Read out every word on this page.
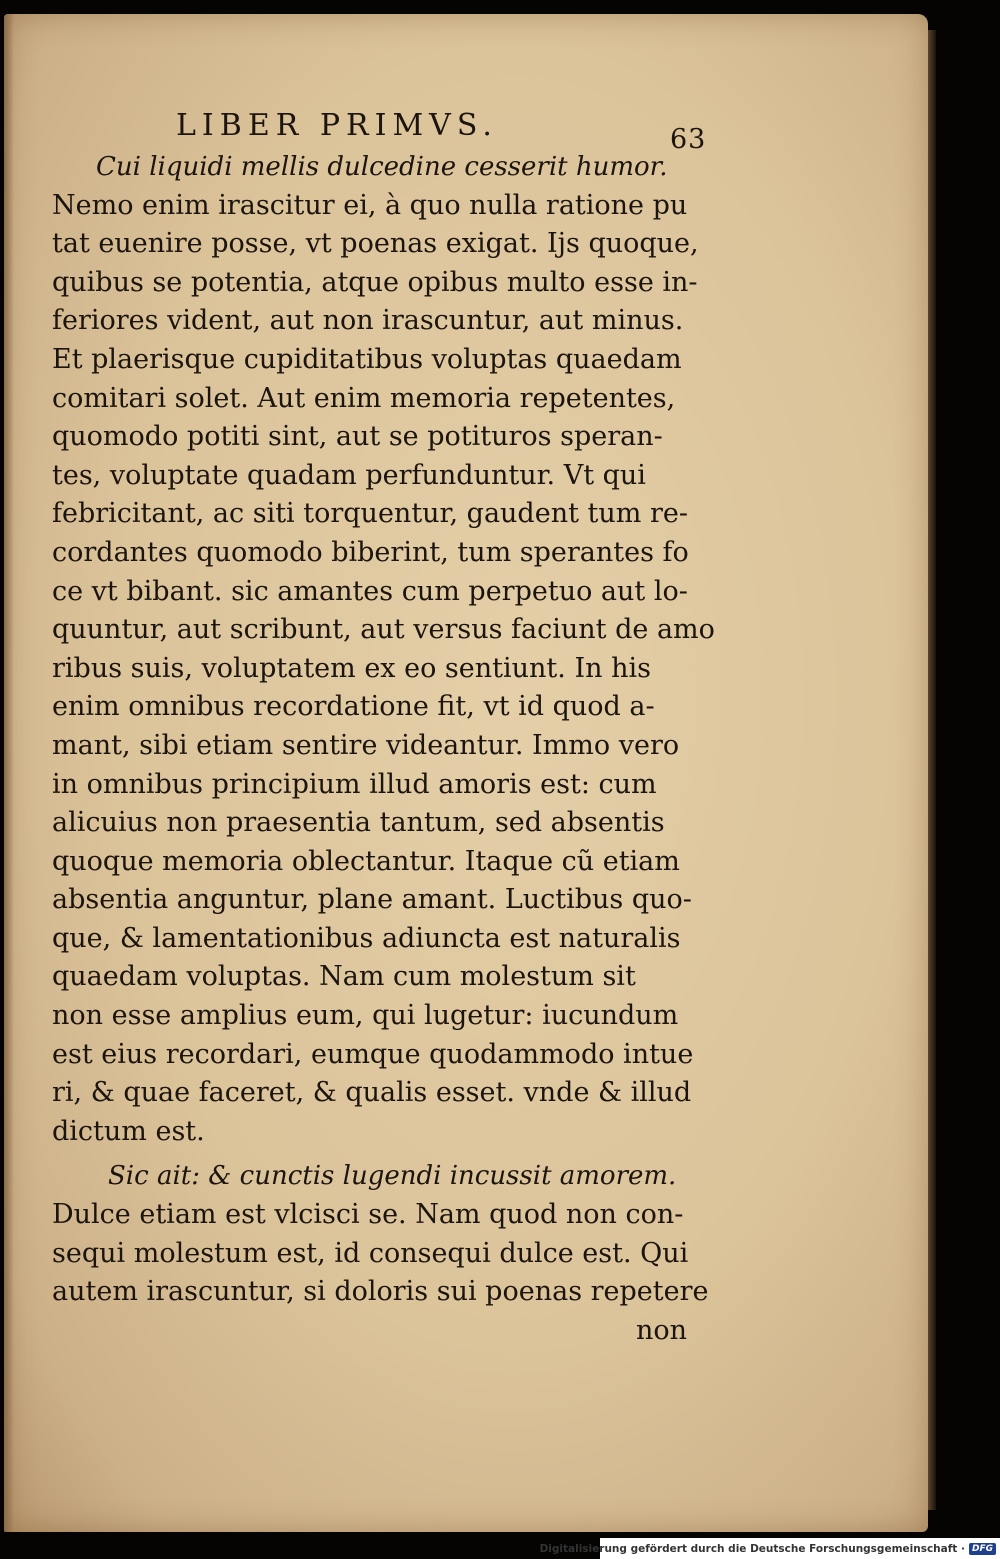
LIBER PRIMVS.	63
Cui liquidi mellis dulcedine cesserit humor.
Nemo enim irascitur ei, à quo nulla ratione pu
tat euenire posse, vt poenas exigat. Ijs quoque,
quibus se potentia, atque opibus multo esse in-
feriores vident, aut non irascuntur, aut minus.
Et plaerisque cupiditatibus voluptas quaedam
comitari solet. Aut enim memoria repetentes,
quomodo potiti sint, aut se potituros speran-
tes, voluptate quadam perfunduntur. Vt qui
febricitant, ac siti torquentur, gaudent tum re-
cordantes quomodo biberint, tum sperantes fo
ce vt bibant. sic amantes cum perpetuo aut lo-
quuntur, aut scribunt, aut versus faciunt de amo
ribus suis, voluptatem ex eo sentiunt. In his
enim omnibus recordatione fit, vt id quod a-
mant, sibi etiam sentire videantur. Immo vero
in omnibus principium illud amoris est: cum
alicuius non praesentia tantum, sed absentis
quoque memoria oblectantur. Itaque cũ etiam
absentia anguntur, plane amant. Luctibus quo-
que, & lamentationibus adiuncta est naturalis
quaedam voluptas. Nam cum molestum sit
non esse amplius eum, qui lugetur: iucundum
est eius recordari, eumque quodammodo intue
ri, & quae faceret, & qualis esset. vnde & illud
dictum est.
Sic ait: & cunctis lugendi incussit amorem.
Dulce etiam est vlcisci se. Nam quod non con-
sequi molestum est, id consequi dulce est. Qui
autem irascuntur, si doloris sui poenas repetere
non
Digitalisierung gefördert durch die Deutsche Forschungsgemeinschaft · DFG
